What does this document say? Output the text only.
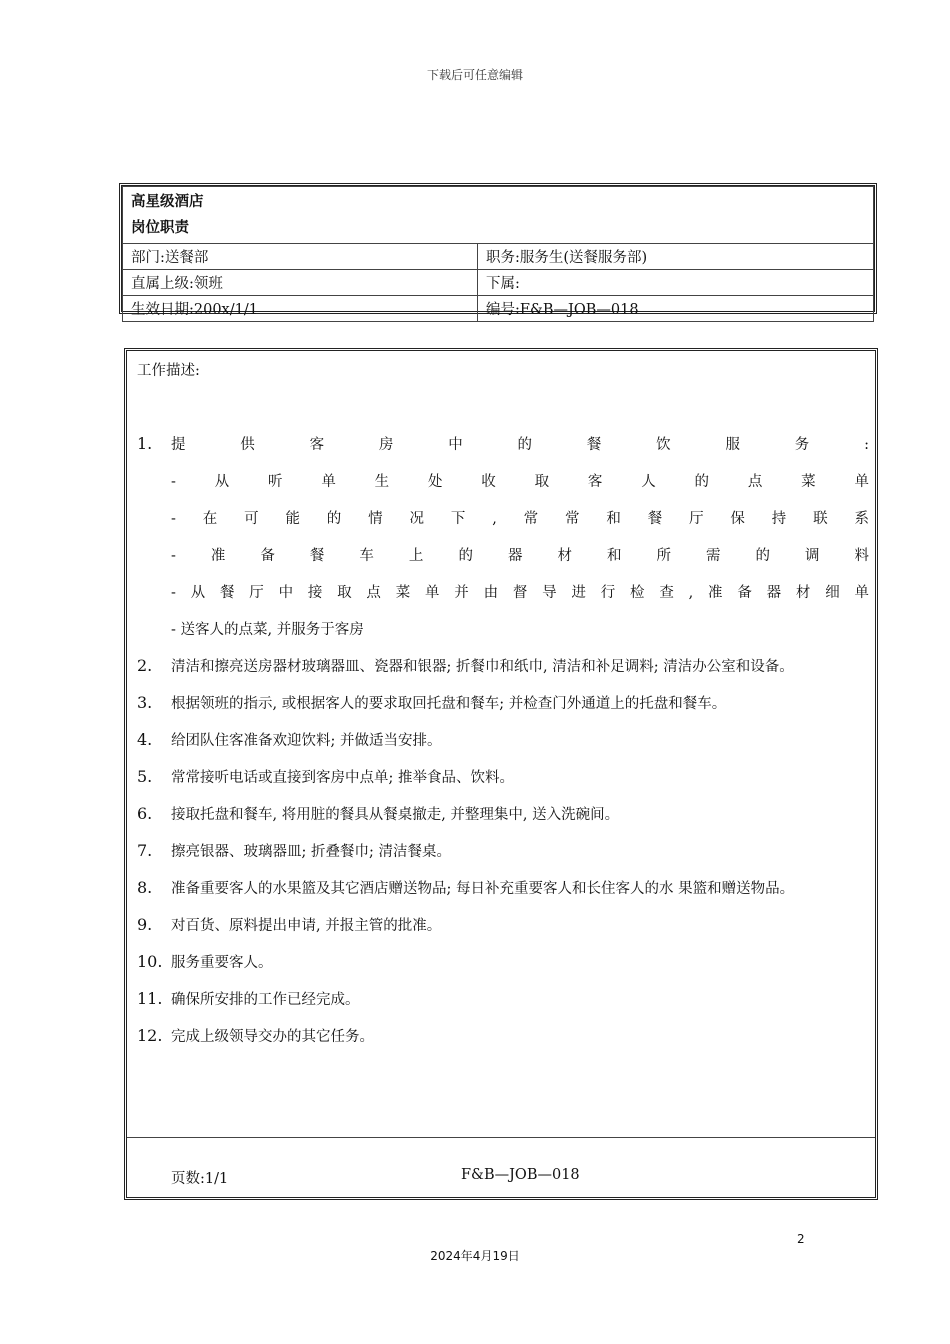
下载后可任意编辑
高星级酒店
岗位职责	

部门:送餐部	职务:服务生(送餐服务部)
直属上级:领班	下属:
生效日期:200x/1/1	编号:F&B—JOB—018
工作描述:
1. 提供客房中的餐饮服务:
-从听单生处收取客人的点菜单
-在可能的情况下,常常和餐厅保持联系
-准备餐车上的器材和所需的调料
-从餐厅中接取点菜单并由督导进行检查,准备器材细单
- 送客人的点菜, 并服务于客房
2. 清洁和擦亮送房器材玻璃器皿、瓷器和银器; 折餐巾和纸巾, 清洁和补足调料; 清洁办公室和设备。
3. 根据领班的指示, 或根据客人的要求取回托盘和餐车; 并检查门外通道上的托盘和餐车。
4. 给团队住客准备欢迎饮料; 并做适当安排。
5. 常常接听电话或直接到客房中点单; 推举食品、饮料。
6. 接取托盘和餐车, 将用脏的餐具从餐桌撤走, 并整理集中, 送入洗碗间。
7. 擦亮银器、玻璃器皿; 折叠餐巾; 清洁餐桌。
8. 准备重要客人的水果篮及其它酒店赠送物品; 每日补充重要客人和长住客人的水 果篮和赠送物品。
9. 对百货、原料提出申请, 并报主管的批准。
10. 服务重要客人。
11. 确保所安排的工作已经完成。
12. 完成上级领导交办的其它任务。
页数:1/1	F&B—JOB—018
2
2024年4月19日
